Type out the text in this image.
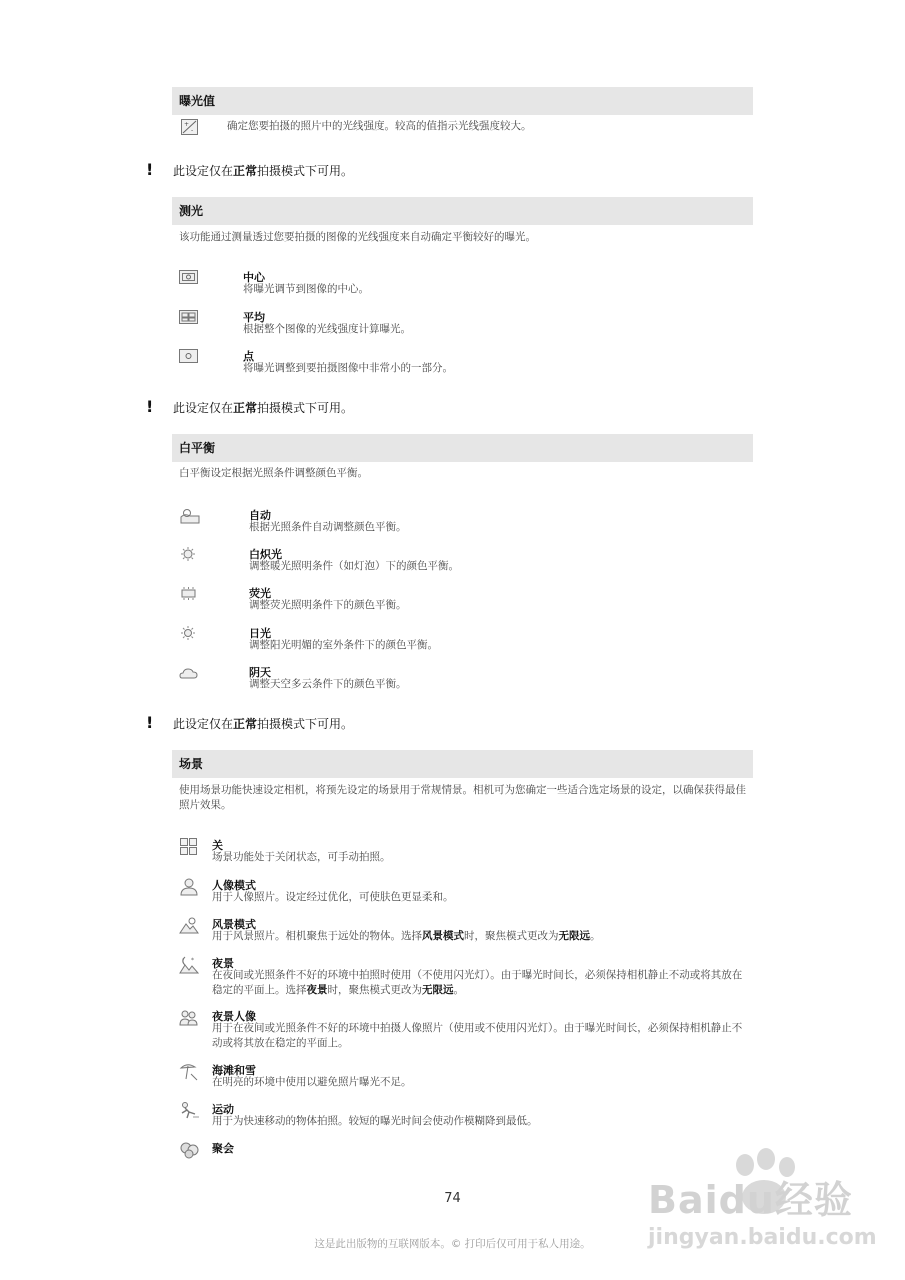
曝光值
+
-	确定您要拍摄的照片中的光线强度。较高的值指示光线强度较大。
! 此设定仅在正常拍摄模式下可用。
测光
该功能通过测量透过您要拍摄的图像的光线强度来自动确定平衡较好的曝光。
中心
将曝光调节到图像的中心。
平均
根据整个图像的光线强度计算曝光。
点
将曝光调整到要拍摄图像中非常小的一部分。
! 此设定仅在正常拍摄模式下可用。
白平衡
白平衡设定根据光照条件调整颜色平衡。
自动
根据光照条件自动调整颜色平衡。
白炽光
调整暖光照明条件（如灯泡）下的颜色平衡。
荧光
调整荧光照明条件下的颜色平衡。
日光
调整阳光明媚的室外条件下的颜色平衡。
阴天
调整天空多云条件下的颜色平衡。
! 此设定仅在正常拍摄模式下可用。
场景
使用场景功能快速设定相机，将预先设定的场景用于常规情景。相机可为您确定一些适合选定场景的设定，以确保获得最佳照片效果。
关
场景功能处于关闭状态，可手动拍照。
人像模式
用于人像照片。设定经过优化，可使肤色更显柔和。
风景模式
用于风景照片。相机聚焦于远处的物体。选择风景模式时，聚焦模式更改为无限远。
* 夜景
在夜间或光照条件不好的环境中拍照时使用（不使用闪光灯）。由于曝光时间长，必须保持相机静止不动或将其放在稳定的平面上。选择夜景时，聚焦模式更改为无限远。
夜景人像
用于在夜间或光照条件不好的环境中拍摄人像照片（使用或不使用闪光灯）。由于曝光时间长，必须保持相机静止不动或将其放在稳定的平面上。
海滩和雪
在明亮的环境中使用以避免照片曝光不足。
运动
用于为快速移动的物体拍照。较短的曝光时间会使动作模糊降到最低。
聚会
74
这是此出版物的互联网版本。© 打印后仅可用于私人用途。
Baidu经验
jingyan.baidu.com
